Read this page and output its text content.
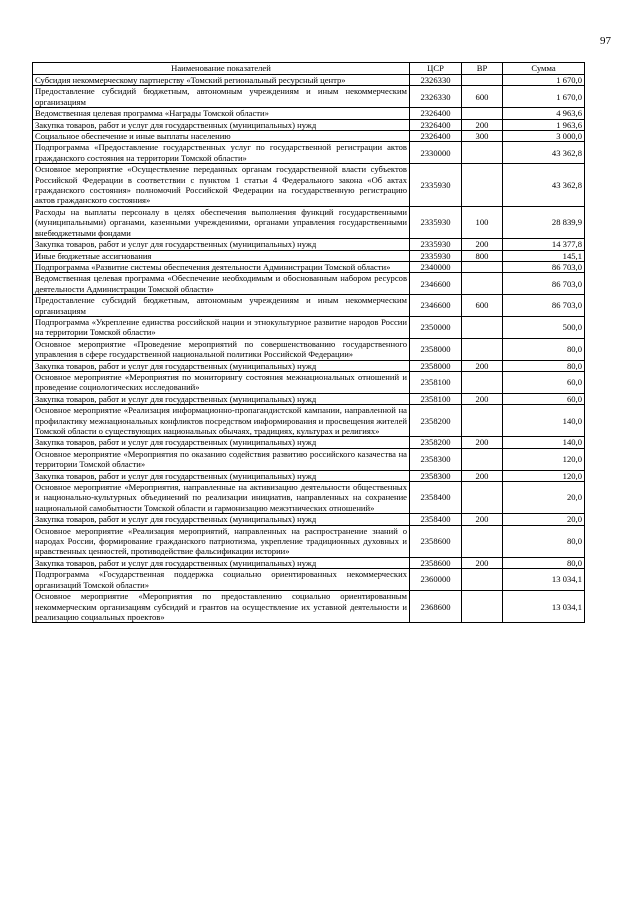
97
Наименование показателей	ЦСР	ВР	Сумма
Субсидия некоммерческому партнерству «Томский региональный ресурсный центр»	2326330		1 670,0
Предоставление субсидий бюджетным, автономным учреждениям и иным некоммерческим организациям	2326330	600	1 670,0
Ведомственная целевая программа «Награды Томской области»	2326400		4 963,6
Закупка товаров, работ и услуг для государственных (муниципальных) нужд	2326400	200	1 963,6
Социальное обеспечение и иные выплаты населению	2326400	300	3 000,0
Подпрограмма «Предоставление государственных услуг по государственной регистрации актов гражданского состояния на территории Томской области»	2330000		43 362,8
Основное мероприятие «Осуществление переданных органам государственной власти субъектов Российской Федерации в соответствии с пунктом 1 статьи 4 Федерального закона «Об актах гражданского состояния» полномочий Российской Федерации на государственную регистрацию актов гражданского состояния»	2335930		43 362,8
Расходы на выплаты персоналу в целях обеспечения выполнения функций государственными (муниципальными) органами, казенными учреждениями, органами управления государственными внебюджетными фондами	2335930	100	28 839,9
Закупка товаров, работ и услуг для государственных (муниципальных) нужд	2335930	200	14 377,8
Иные бюджетные ассигнования	2335930	800	145,1
Подпрограмма «Развитие системы обеспечения деятельности Администрации Томской области»	2340000		86 703,0
Ведомственная целевая программа «Обеспечение необходимым и обоснованным набором ресурсов деятельности Администрации Томской области»	2346600		86 703,0
Предоставление субсидий бюджетным, автономным учреждениям и иным некоммерческим организациям	2346600	600	86 703,0
Подпрограмма «Укрепление единства российской нации и этнокультурное развитие народов России на территории Томской области»	2350000		500,0
Основное мероприятие «Проведение мероприятий по совершенствованию государственного управления в сфере государственной национальной политики Российской Федерации»	2358000		80,0
Закупка товаров, работ и услуг для государственных (муниципальных) нужд	2358000	200	80,0
Основное мероприятие «Мероприятия по мониторингу состояния межнациональных отношений и проведение социологических исследований»	2358100		60,0
Закупка товаров, работ и услуг для государственных (муниципальных) нужд	2358100	200	60,0
Основное мероприятие «Реализация информационно-пропагандистской кампании, направленной на профилактику межнациональных конфликтов посредством информирования и просвещения жителей Томской области о существующих национальных обычаях, традициях, культурах и религиях»	2358200		140,0
Закупка товаров, работ и услуг для государственных (муниципальных) нужд	2358200	200	140,0
Основное мероприятие «Мероприятия по оказанию содействия развитию российского казачества на территории Томской области»	2358300		120,0
Закупка товаров, работ и услуг для государственных (муниципальных) нужд	2358300	200	120,0
Основное мероприятие «Мероприятия, направленные на активизацию деятельности общественных и национально-культурных объединений по реализации инициатив, направленных на сохранение национальной самобытности Томской области и гармонизацию межэтнических отношений»	2358400		20,0
Закупка товаров, работ и услуг для государственных (муниципальных) нужд	2358400	200	20,0
Основное мероприятие «Реализация мероприятий, направленных на распространение знаний о народах России, формирование гражданского патриотизма, укрепление традиционных духовных и нравственных ценностей, противодействие фальсификации истории»	2358600		80,0
Закупка товаров, работ и услуг для государственных (муниципальных) нужд	2358600	200	80,0
Подпрограмма «Государственная поддержка социально ориентированных некоммерческих организаций Томской области»	2360000		13 034,1
Основное мероприятие «Мероприятия по предоставлению социально ориентированным некоммерческим организациям субсидий и грантов на осуществление их уставной деятельности и реализацию социальных проектов»	2368600		13 034,1
